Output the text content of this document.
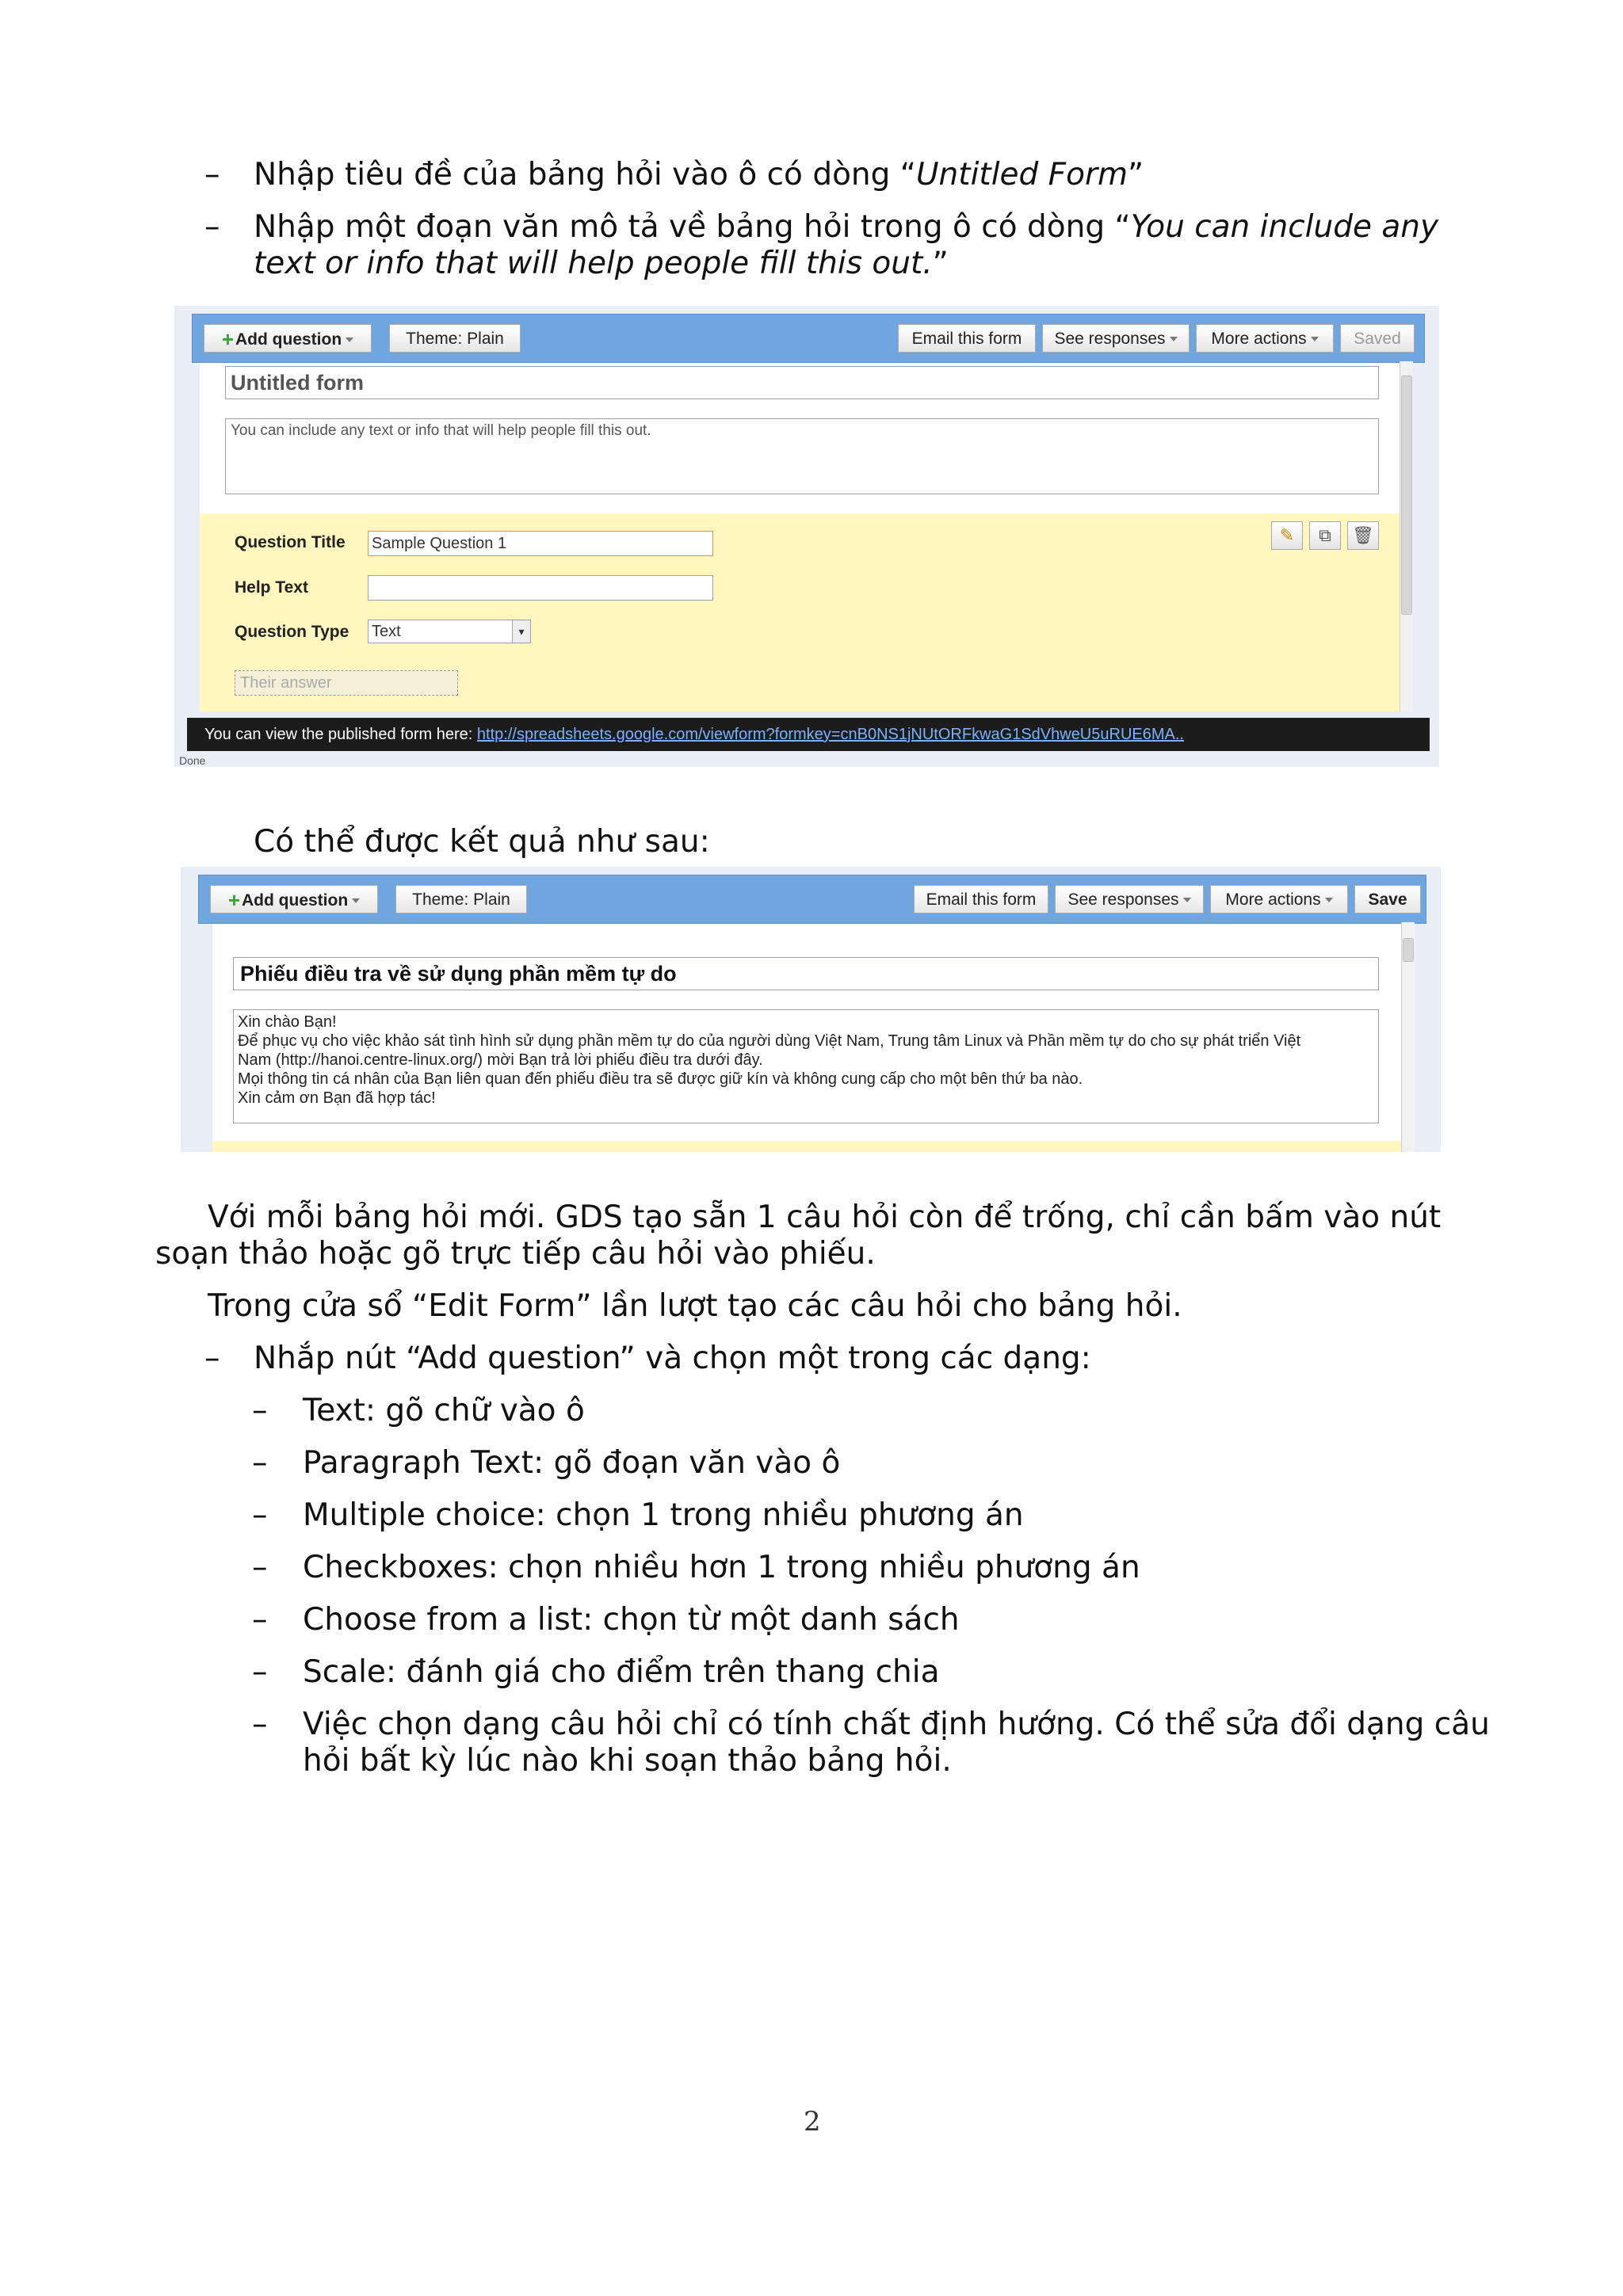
– Nhập tiêu đề của bảng hỏi vào ô có dòng “Untitled Form”
– Nhập một đoạn văn mô tả về bảng hỏi trong ô có dòng “You can include any
text or info that will help people fill this out.”
+Add question	Theme: Plain	Email this form	See responses	More actions	Saved
Untitled form
You can include any text or info that will help people fill this out.
Question Title Sample Question 1
Help Text
Question Type Text	▾
Their answer
✎	⧉	🗑
You can view the published form here: http://spreadsheets.google.com/viewform?formkey=cnB0NS1jNUtORFkwaG1SdVhweU5uRUE6MA..
Done
Có thể được kết quả như sau:
+Add question	Theme: Plain	Email this form	See responses	More actions	Save
Phiếu điều tra về sử dụng phần mềm tự do
Xin chào Bạn!
Để phục vụ cho việc khảo sát tình hình sử dụng phần mềm tự do của người dùng Việt Nam, Trung tâm Linux và Phần mềm tự do cho sự phát triển Việt
Nam (http://hanoi.centre-linux.org/) mời Bạn trả lời phiếu điều tra dưới đây.
Mọi thông tin cá nhân của Bạn liên quan đến phiếu điều tra sẽ được giữ kín và không cung cấp cho một bên thứ ba nào.
Xin cảm ơn Bạn đã hợp tác!
Với mỗi bảng hỏi mới. GDS tạo sẵn 1 câu hỏi còn để trống, chỉ cần bấm vào nút
soạn thảo hoặc gõ trực tiếp câu hỏi vào phiếu.
Trong cửa sổ “Edit Form” lần lượt tạo các câu hỏi cho bảng hỏi.
– Nhắp nút “Add question” và chọn một trong các dạng:
– Text: gõ chữ vào ô
– Paragraph Text: gõ đoạn văn vào ô
– Multiple choice: chọn 1 trong nhiều phương án
– Checkboxes: chọn nhiều hơn 1 trong nhiều phương án
– Choose from a list: chọn từ một danh sách
– Scale: đánh giá cho điểm trên thang chia
– Việc chọn dạng câu hỏi chỉ có tính chất định hướng. Có thể sửa đổi dạng câu
hỏi bất kỳ lúc nào khi soạn thảo bảng hỏi.
2
